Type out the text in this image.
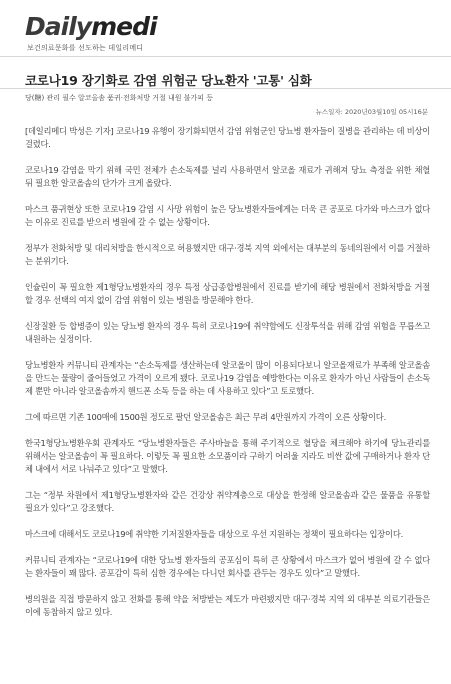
Dailymedi
보건의료문화를 선도하는 데일리메디
코로나19 장기화로 감염 위험군 당뇨환자 '고통' 심화
당(糖) 관리 필수 알코올솜 품귀·전화처방 거절 내원 불가피 등
뉴스일자: 2020년03월10일 05시16분

[데일리메디 박성은 기자] 코로나19 유행이 장기화되면서 감염 위험군인 당뇨병 환자들이 질병을 관리하는 데 비상이 걸렸다.

코로나19 감염을 막기 위해 국민 전체가 손소독제를 널리 사용하면서 알코올 재료가 귀해져 당뇨 측정을 위한 채혈 뒤 필요한 알코올솜의 단가가 크게 올랐다.

마스크 품귀현상 또한 코로나19 감염 시 사망 위험이 높은 당뇨병환자들에게는 더욱 큰 공포로 다가와 마스크가 없다는 이유로 진료를 받으러 병원에 갈 수 없는 상황이다.

정부가 전화처방 및 대리처방을 한시적으로 허용했지만 대구·경북 지역 외에서는 대부분의 동네의원에서 이를 거절하는 분위기다.

인슐린이 꼭 필요한 제1형당뇨병환자의 경우 특정 상급종합병원에서 진료를 받기에 해당 병원에서 전화처방을 거절할 경우 선택의 여지 없이 감염 위험이 있는 병원을 방문해야 한다.

신장질환 등 합병증이 있는 당뇨병 환자의 경우 특히 코로나19에 취약함에도 신장투석을 위해 감염 위험을 무릅쓰고 내원하는 실정이다.

당뇨병환자 커뮤니티 관계자는 “손소독제를 생산하는데 알코올이 많이 이용되다보니 알코올재료가 부족해 알코올솜을 만드는 물량이 줄어들었고 가격이 오르게 됐다. 코로나19 감염을 예방한다는 이유로 환자가 아닌 사람들이 손소독제 뿐만 아니라 알코올솜까지 핸드폰 소독 등을 하는 데 사용하고 있다”고 토로했다.

그에 따르면 기존 100매에 1500원 정도로 팔던 알코올솜은 최근 무려 4만원까지 가격이 오른 상황이다.

한국1형당뇨병환우회 관계자도 “당뇨병환자들은 주사바늘을 통해 주기적으로 혈당을 체크해야 하기에 당뇨관리를 위해서는 알코올솜이 꼭 필요하다. 이렇듯 꼭 필요한 소모품이라 구하기 어려울 지라도 비싼 값에 구매하거나 환자 단체 내에서 서로 나눠주고 있다”고 말했다.

그는 “정부 차원에서 제1형당뇨병환자와 같은 건강상 취약계층으로 대상을 한정해 알코올솜과 같은 물품을 유통할 필요가 있다”고 강조했다.

마스크에 대해서도 코로나19에 취약한 기저질환자들을 대상으로 우선 지원하는 정책이 필요하다는 입장이다.

커뮤니티 관계자는 “코로나19에 대한 당뇨병 환자들의 공포심이 특히 큰 상황에서 마스크가 없어 병원에 갈 수 없다는 환자들이 꽤 많다. 공포감이 특히 심한 경우에는 다니던 회사를 관두는 경우도 있다”고 말했다.

병의원을 직접 방문하지 않고 전화를 통해 약을 처방받는 제도가 마련됐지만 대구·경북 지역 외 대부분 의료기관들은 이에 동참하지 않고 있다.
